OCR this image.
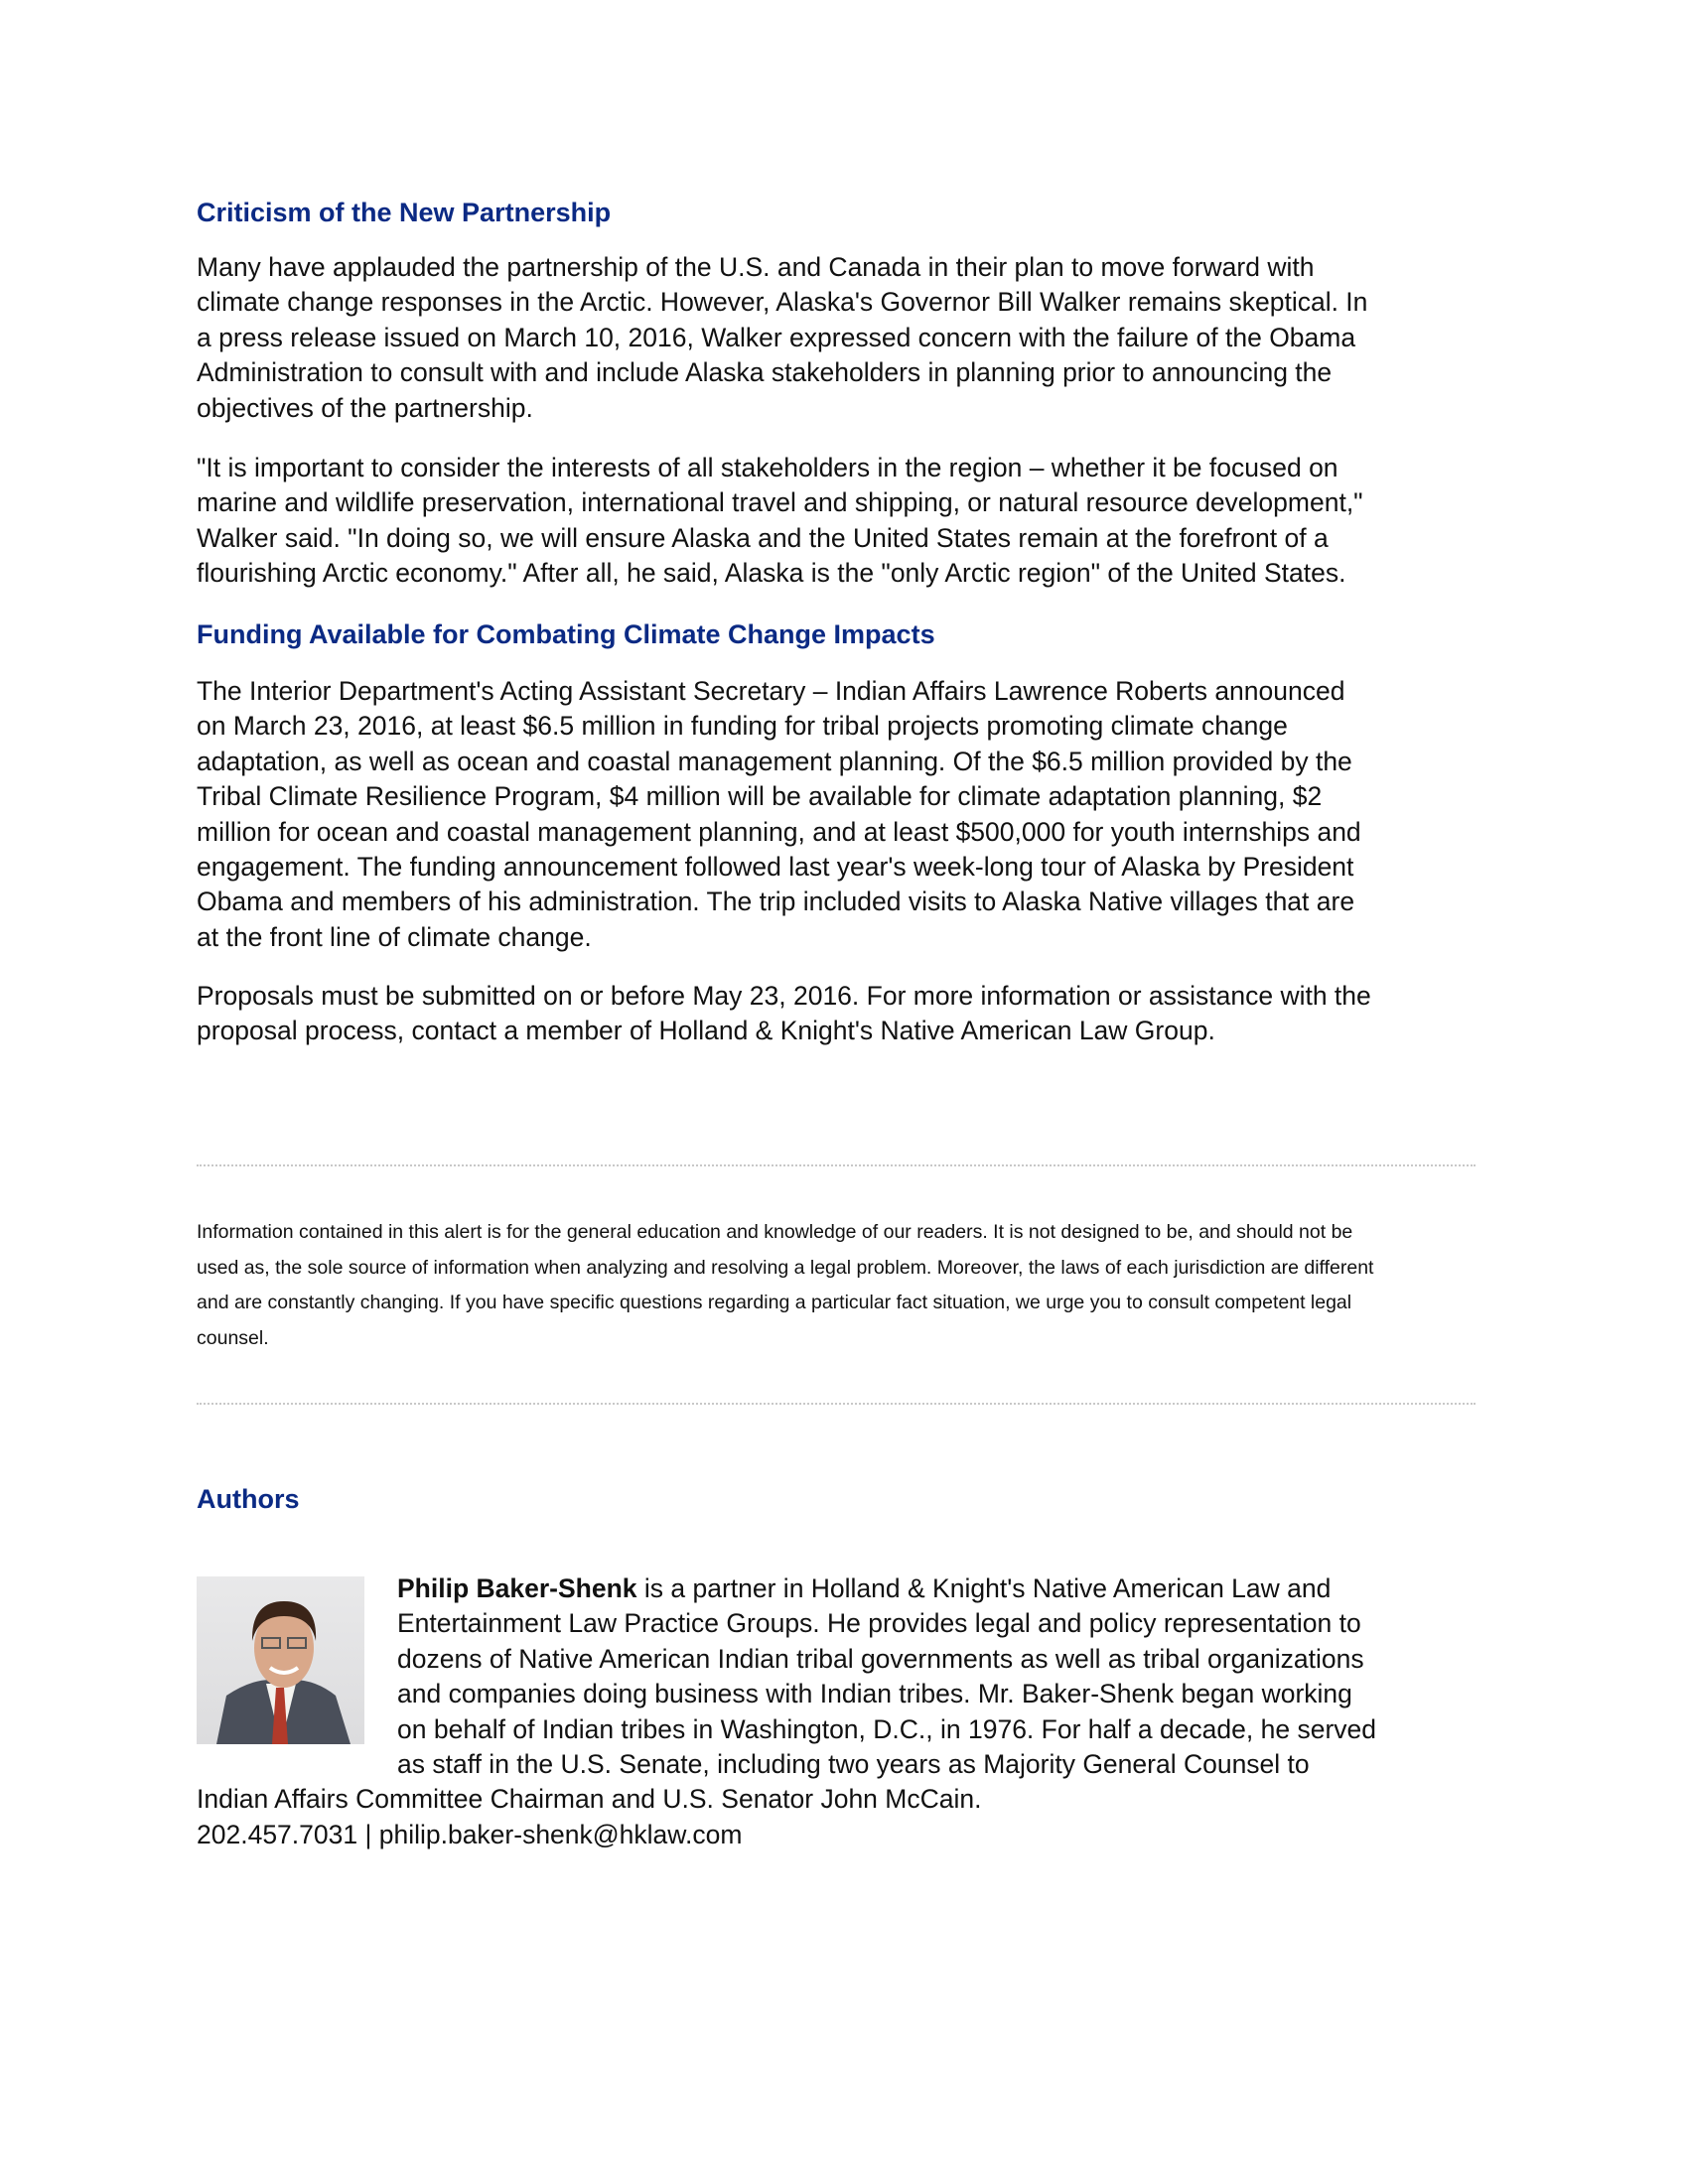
Criticism of the New Partnership
Many have applauded the partnership of the U.S. and Canada in their plan to move forward with
climate change responses in the Arctic. However, Alaska's Governor Bill Walker remains skeptical. In
a press release issued on March 10, 2016, Walker expressed concern with the failure of the Obama
Administration to consult with and include Alaska stakeholders in planning prior to announcing the
objectives of the partnership.
"It is important to consider the interests of all stakeholders in the region – whether it be focused on
marine and wildlife preservation, international travel and shipping, or natural resource development,"
Walker said. "In doing so, we will ensure Alaska and the United States remain at the forefront of a
flourishing Arctic economy." After all, he said, Alaska is the "only Arctic region" of the United States.
Funding Available for Combating Climate Change Impacts
The Interior Department's Acting Assistant Secretary – Indian Affairs Lawrence Roberts announced
on March 23, 2016, at least $6.5 million in funding for tribal projects promoting climate change
adaptation, as well as ocean and coastal management planning. Of the $6.5 million provided by the
Tribal Climate Resilience Program, $4 million will be available for climate adaptation planning, $2
million for ocean and coastal management planning, and at least $500,000 for youth internships and
engagement. The funding announcement followed last year's week-long tour of Alaska by President
Obama and members of his administration. The trip included visits to Alaska Native villages that are
at the front line of climate change.
Proposals must be submitted on or before May 23, 2016. For more information or assistance with the
proposal process, contact a member of Holland & Knight's Native American Law Group.
Information contained in this alert is for the general education and knowledge of our readers. It is not designed to be, and should not be
used as, the sole source of information when analyzing and resolving a legal problem. Moreover, the laws of each jurisdiction are different
and are constantly changing. If you have specific questions regarding a particular fact situation, we urge you to consult competent legal
counsel.
Authors
Philip Baker-Shenk is a partner in Holland & Knight's Native American Law and
Entertainment Law Practice Groups. He provides legal and policy representation to
dozens of Native American Indian tribal governments as well as tribal organizations
and companies doing business with Indian tribes. Mr. Baker-Shenk began working
on behalf of Indian tribes in Washington, D.C., in 1976. For half a decade, he served
as staff in the U.S. Senate, including two years as Majority General Counsel to
Indian Affairs Committee Chairman and U.S. Senator John McCain.
202.457.7031 | philip.baker-shenk@hklaw.com
